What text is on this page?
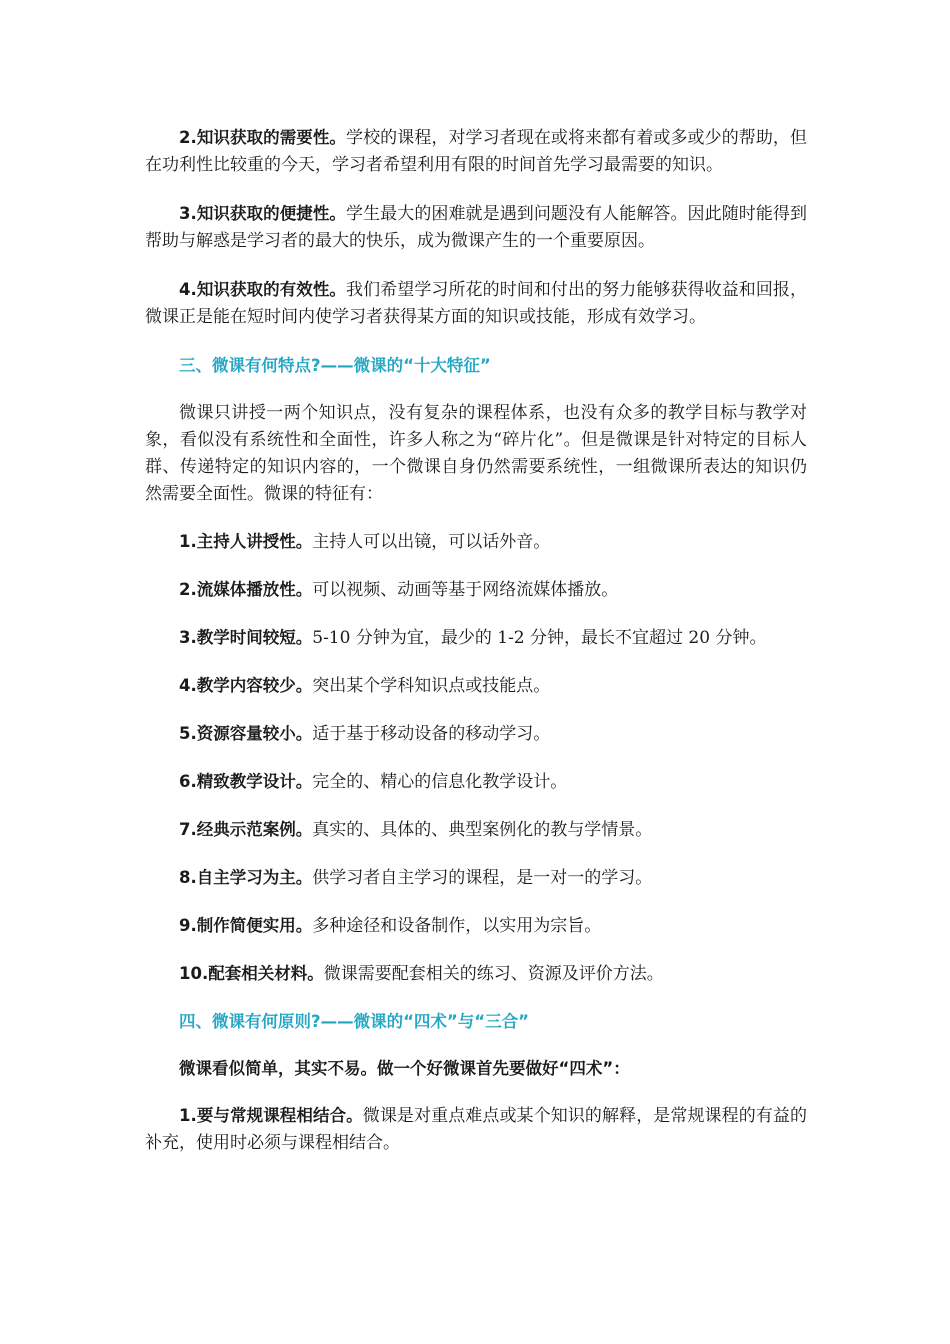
2.知识获取的需要性。学校的课程，对学习者现在或将来都有着或多或少的帮助，但在功利性比较重的今天，学习者希望利用有限的时间首先学习最需要的知识。

3.知识获取的便捷性。学生最大的困难就是遇到问题没有人能解答。因此随时能得到帮助与解惑是学习者的最大的快乐，成为微课产生的一个重要原因。

4.知识获取的有效性。我们希望学习所花的时间和付出的努力能够获得收益和回报，微课正是能在短时间内使学习者获得某方面的知识或技能，形成有效学习。

三、微课有何特点?——微课的“十大特征”

微课只讲授一两个知识点，没有复杂的课程体系，也没有众多的教学目标与教学对象，看似没有系统性和全面性，许多人称之为“碎片化”。但是微课是针对特定的目标人群、传递特定的知识内容的，一个微课自身仍然需要系统性，一组微课所表达的知识仍然需要全面性。微课的特征有：

1.主持人讲授性。主持人可以出镜，可以话外音。

2.流媒体播放性。可以视频、动画等基于网络流媒体播放。

3.教学时间较短。5-10 分钟为宜，最少的 1-2 分钟，最长不宜超过 20 分钟。

4.教学内容较少。突出某个学科知识点或技能点。

5.资源容量较小。适于基于移动设备的移动学习。

6.精致教学设计。完全的、精心的信息化教学设计。

7.经典示范案例。真实的、具体的、典型案例化的教与学情景。

8.自主学习为主。供学习者自主学习的课程，是一对一的学习。

9.制作简便实用。多种途径和设备制作，以实用为宗旨。

10.配套相关材料。微课需要配套相关的练习、资源及评价方法。

四、微课有何原则?——微课的“四术”与“三合”

微课看似简单，其实不易。做一个好微课首先要做好“四术”：

1.要与常规课程相结合。微课是对重点难点或某个知识的解释，是常规课程的有益的补充，使用时必须与课程相结合。
